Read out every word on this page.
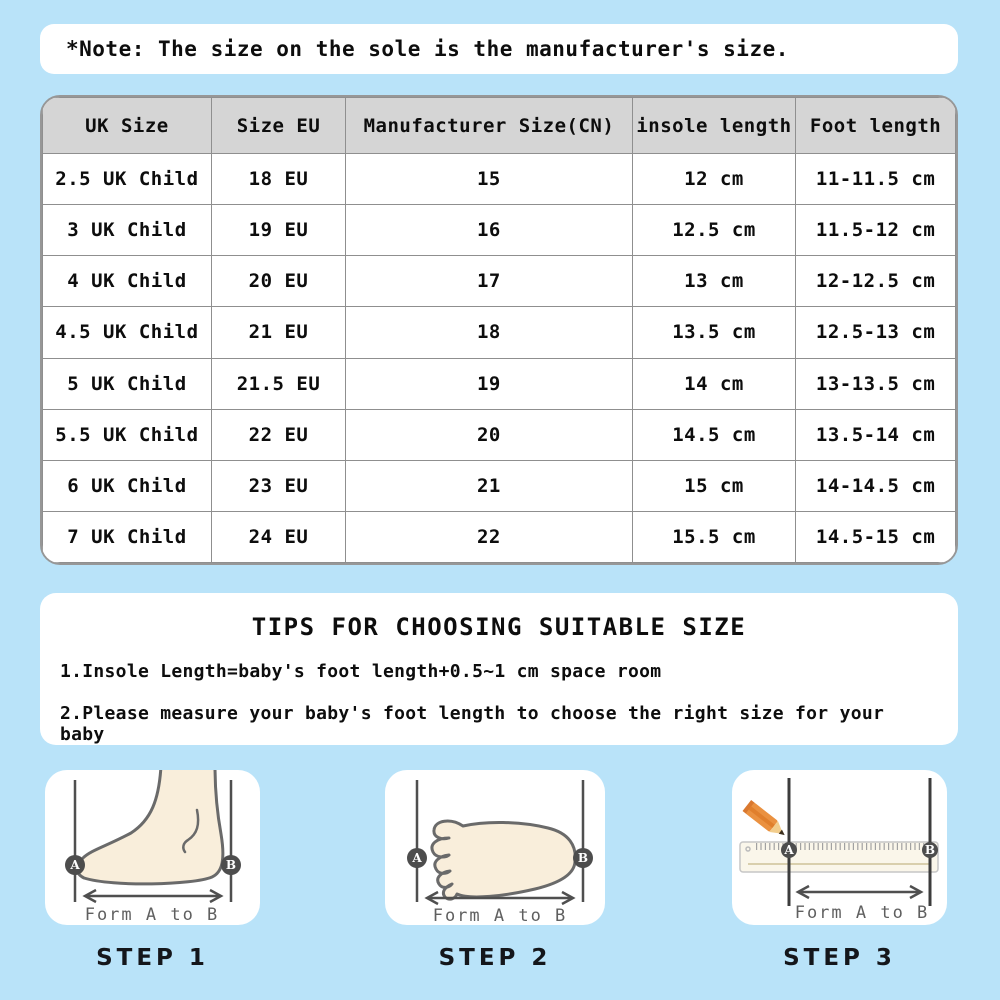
*Note: The size on the sole is the manufacturer's size.
UK Size	Size EU	Manufacturer Size(CN)	insole length	Foot length
2.5 UK Child	18 EU	15	12 cm	11-11.5 cm
3 UK Child	19 EU	16	12.5 cm	11.5-12 cm
4 UK Child	20 EU	17	13 cm	12-12.5 cm
4.5 UK Child	21 EU	18	13.5 cm	12.5-13 cm
5 UK Child	21.5 EU	19	14 cm	13-13.5 cm
5.5 UK Child	22 EU	20	14.5 cm	13.5-14 cm
6 UK Child	23 EU	21	15 cm	14-14.5 cm
7 UK Child	24 EU	22	15.5 cm	14.5-15 cm
TIPS FOR CHOOSING SUITABLE SIZE
1.Insole Length=baby's foot length+0.5~1 cm space room
2.Please measure your baby's foot length to choose the right size for your baby
A	B
Form A to B
STEP 1
A	B
Form A to B
STEP 2
A	B
Form A to B
STEP 3
